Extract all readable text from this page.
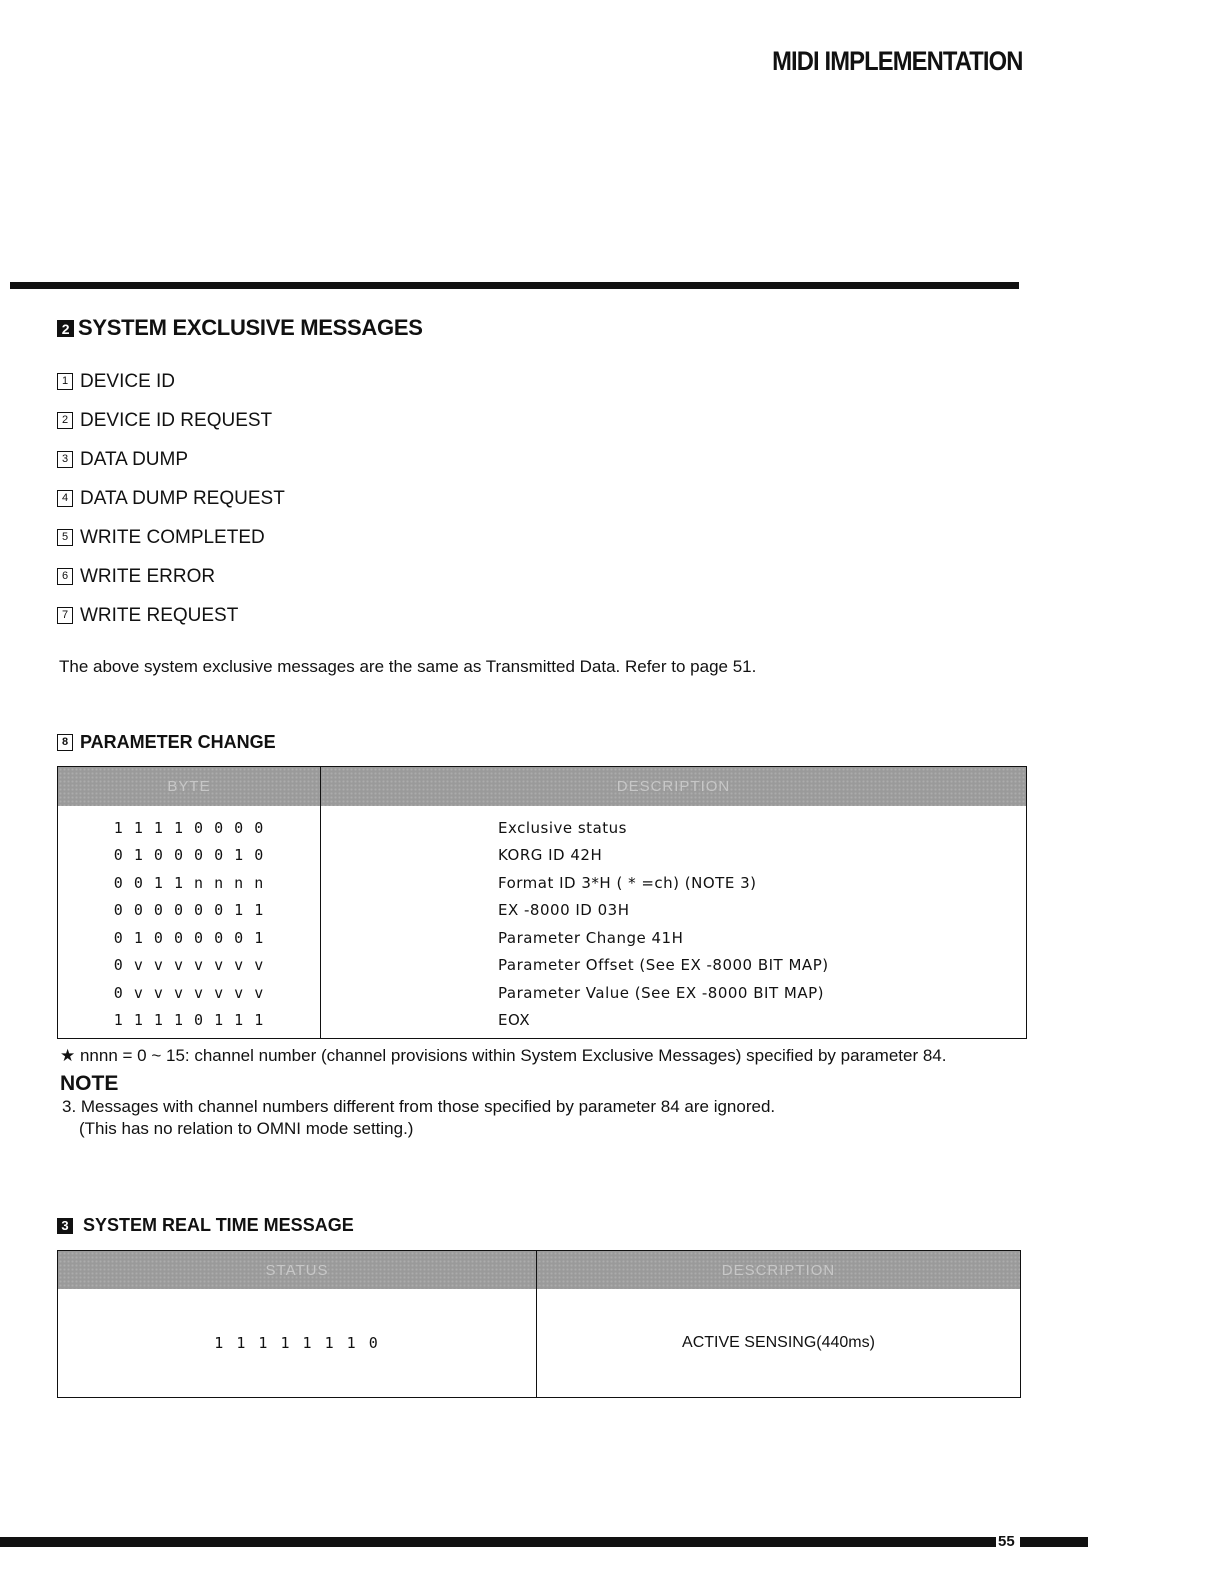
MIDI IMPLEMENTATION
2 SYSTEM EXCLUSIVE MESSAGES
1 DEVICE ID
2 DEVICE ID REQUEST
3 DATA DUMP
4 DATA DUMP REQUEST
5 WRITE COMPLETED
6 WRITE ERROR
7 WRITE REQUEST
The above system exclusive messages are the same as Transmitted Data. Refer to page 51.
8 PARAMETER CHANGE
BYTE	DESCRIPTION

1 1 1 1 0 0 0 0	Exclusive status
0 1 0 0 0 0 1 0	KORG ID 42H
0 0 1 1 n n n n	Format ID 3*H ( * =ch) (NOTE 3)
0 0 0 0 0 0 1 1	EX -8000 ID 03H
0 1 0 0 0 0 0 1	Parameter Change 41H
0 v v v v v v v	Parameter Offset (See EX -8000 BIT MAP)
0 v v v v v v v	Parameter Value (See EX -8000 BIT MAP)
1 1 1 1 0 1 1 1	EOX

★ nnnn = 0 ~ 15: channel number (channel provisions within System Exclusive Messages) specified by parameter 84.
NOTE
3. Messages with channel numbers different from those specified by parameter 84 are ignored.
(This has no relation to OMNI mode setting.)
3 SYSTEM REAL TIME MESSAGE
STATUS	DESCRIPTION
1 1 1 1 1 1 1 0	ACTIVE SENSING(440ms)
55
